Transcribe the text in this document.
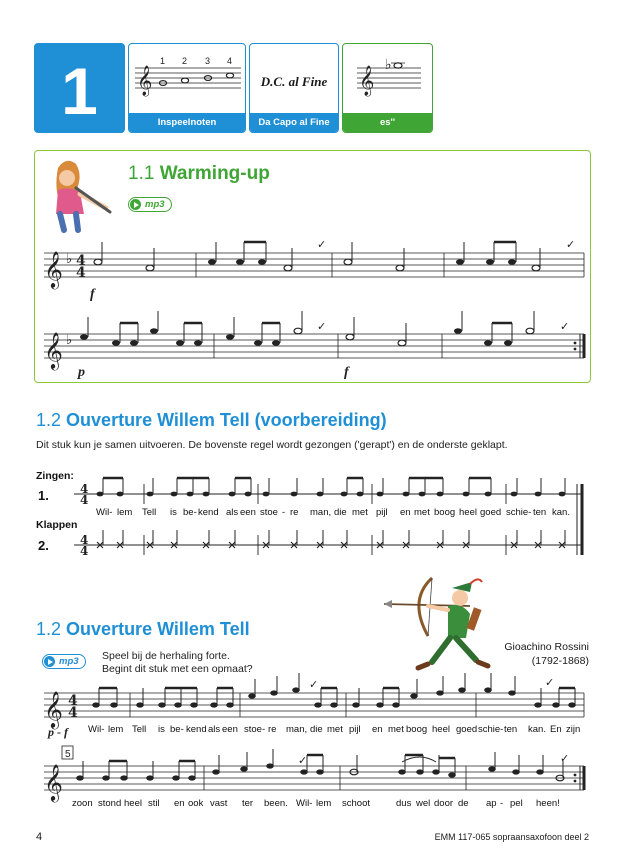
1	𝄞
1 2 3 4
Inspeelnoten
D.C. al Fine
Da Capo al Fine
𝄞
♭
es''
1.1 Warming-up
mp3
𝄞
𝄞
♭
♭
4
4
✓	✓
✓	✓
f
p	f
1.2 Ouverture Willem Tell (voorbereiding)
Dit stuk kun je samen uitvoeren. De bovenste regel wordt gezongen ('gerapt') en de onderste geklapt.
Zingen:
1.
Klappen
2.
4
4
4
4
Wil- lem Tell is be- kend als een stoe - re man, die met pijl en met boog heel goed schie- ten kan.
1.2 Ouverture Willem Tell
mp3 Speel bij de herhaling forte.
Begint dit stuk met een opmaat?
Gioachino Rossini
(1792-1868)
𝄞
𝄞
4
4
5
✓	✓
✓	✓
p - f Wil- lem Tell is be- kend als een stoe- re man, die met pijl en met boog heel goed schie- ten kan. En zijn
zoon stond heel stil en ook vast ter been. Wil- lem schoot	dus wel door de ap - pel heen!
4	EMM 117-065 sopraansaxofoon deel 2
